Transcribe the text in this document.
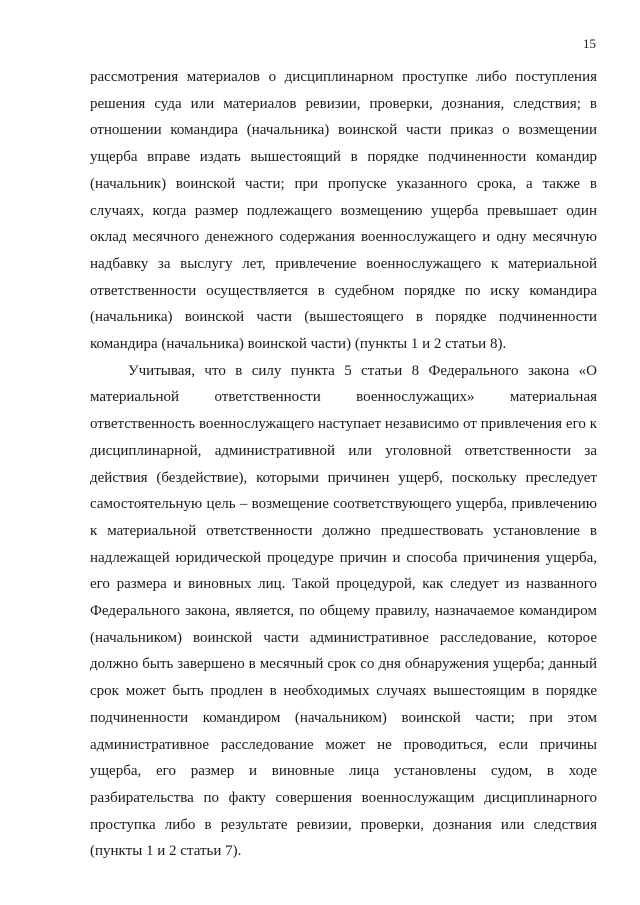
15

рассмотрения материалов о дисциплинарном проступке либо поступления решения суда или материалов ревизии, проверки, дознания, следствия; в отношении командира (начальника) воинской части приказ о возмещении ущерба вправе издать вышестоящий в порядке подчиненности командир (начальник) воинской части; при пропуске указанного срока, а также в случаях, когда размер подлежащего возмещению ущерба превышает один оклад месячного денежного содержания военнослужащего и одну месячную надбавку за выслугу лет, привлечение военнослужащего к материальной ответственности осуществляется в судебном порядке по иску командира (начальника) воинской части (вышестоящего в порядке подчиненности командира (начальника) воинской части) (пункты 1 и 2 статьи 8).

Учитывая, что в силу пункта 5 статьи 8 Федерального закона «О материальной ответственности военнослужащих» материальная ответственность военнослужащего наступает независимо от привлечения его к дисциплинарной, административной или уголовной ответственности за действия (бездействие), которыми причинен ущерб, поскольку преследует самостоятельную цель – возмещение соответствующего ущерба, привлечению к материальной ответственности должно предшествовать установление в надлежащей юридической процедуре причин и способа причинения ущерба, его размера и виновных лиц. Такой процедурой, как следует из названного Федерального закона, является, по общему правилу, назначаемое командиром (начальником) воинской части административное расследование, которое должно быть завершено в месячный срок со дня обнаружения ущерба; данный срок может быть продлен в необходимых случаях вышестоящим в порядке подчиненности командиром (начальником) воинской части; при этом административное расследование может не проводиться, если причины ущерба, его размер и виновные лица установлены судом, в ходе разбирательства по факту совершения военнослужащим дисциплинарного проступка либо в результате ревизии, проверки, дознания или следствия (пункты 1 и 2 статьи 7).
